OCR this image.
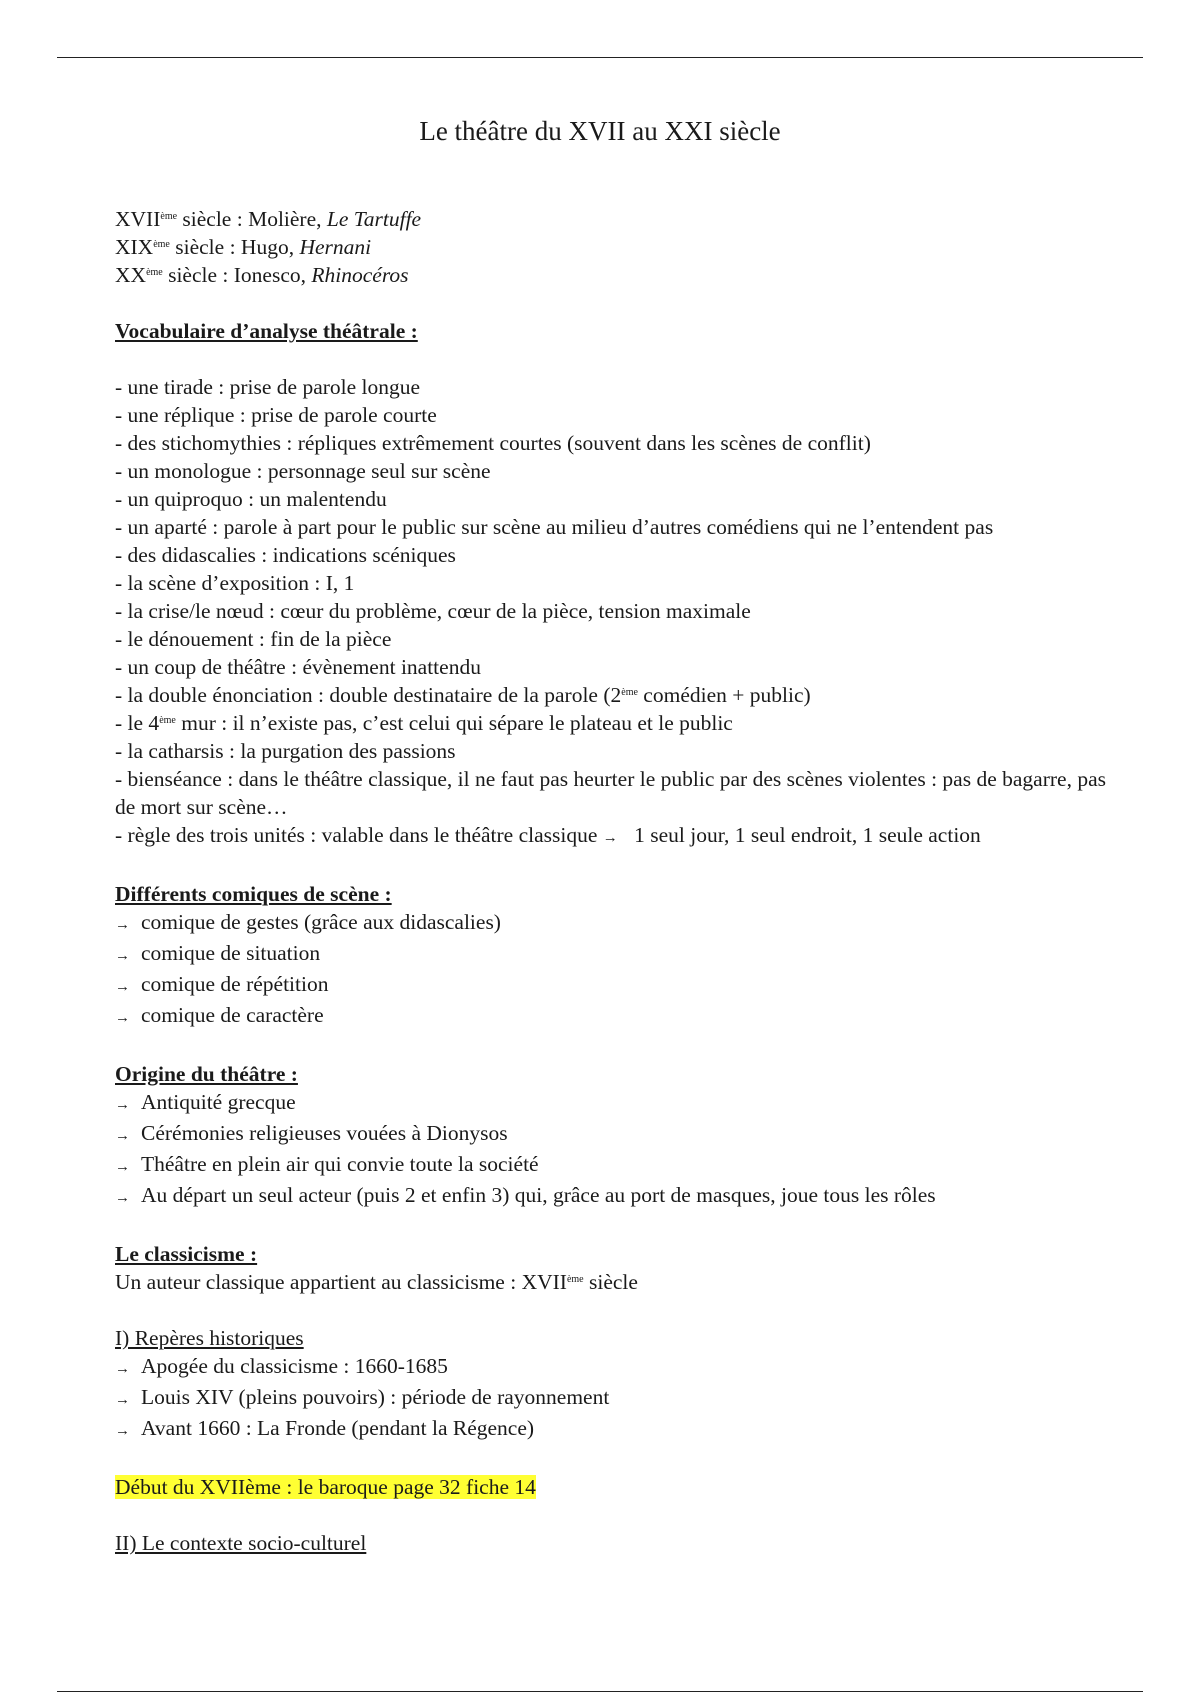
Le théâtre du XVII au XXI siècle
XVIIème siècle : Molière, Le Tartuffe
XIXème siècle : Hugo, Hernani
XXème siècle : Ionesco, Rhinocéros
Vocabulaire d’analyse théâtrale :
- une tirade : prise de parole longue
- une réplique : prise de parole courte
- des stichomythies : répliques extrêmement courtes (souvent dans les scènes de conflit)
- un monologue : personnage seul sur scène
- un quiproquo : un malentendu
- un aparté : parole à part pour le public sur scène au milieu d’autres comédiens qui ne l’entendent pas
- des didascalies : indications scéniques
- la scène d’exposition : I, 1
- la crise/le nœud : cœur du problème, cœur de la pièce, tension maximale
- le dénouement : fin de la pièce
- un coup de théâtre : évènement inattendu
- la double énonciation : double destinataire de la parole (2ème comédien + public)
- le 4ème mur : il n’existe pas, c’est celui qui sépare le plateau et le public
- la catharsis : la purgation des passions
- bienséance : dans le théâtre classique, il ne faut pas heurter le public par des scènes violentes : pas de bagarre, pas de mort sur scène…
- règle des trois unités : valable dans le théâtre classique → 1 seul jour, 1 seul endroit, 1 seule action
Différents comiques de scène :
→ comique de gestes (grâce aux didascalies)
→ comique de situation
→ comique de répétition
→ comique de caractère
Origine du théâtre :
→ Antiquité grecque
→ Cérémonies religieuses vouées à Dionysos
→ Théâtre en plein air qui convie toute la société
→ Au départ un seul acteur (puis 2 et enfin 3) qui, grâce au port de masques, joue tous les rôles
Le classicisme :
Un auteur classique appartient au classicisme : XVIIème siècle
I) Repères historiques
→ Apogée du classicisme : 1660-1685
→ Louis XIV (pleins pouvoirs) : période de rayonnement
→ Avant 1660 : La Fronde (pendant la Régence)
Début du XVIIème : le baroque page 32 fiche 14
II) Le contexte socio-culturel
